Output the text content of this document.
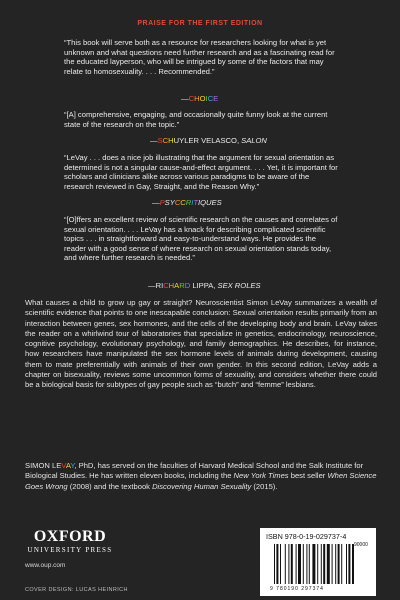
PRAISE FOR THE FIRST EDITION
“This book will serve both as a resource for researchers looking for what is yet unknown and what questions need further research and as a fascinating read for the educated layperson, who will be intrigued by some of the factors that may relate to homosexuality. . . . Recommended.”
—CHOICE
“[A] comprehensive, engaging, and occasionally quite funny look at the current state of the research on the topic.”
—SCHUYLER VELASCO, SALON
“LeVay . . . does a nice job illustrating that the argument for sexual orientation as determined is not a singular cause-and-effect argument. . . . Yet, it is important for scholars and clinicians alike across various paradigms to be aware of the research reviewed in Gay, Straight, and the Reason Why.”
—PSYCCRITIQUES
“[O]ffers an excellent review of scientific research on the causes and correlates of sexual orientation. . . . LeVay has a knack for describing complicated scientific topics . . . in straightforward and easy-to-understand ways. He provides the reader with a good sense of where research on sexual orientation stands today, and where further research is needed.”
—RICHARD LIPPA, SEX ROLES
What causes a child to grow up gay or straight? Neuroscientist Simon LeVay summarizes a wealth of scientific evidence that points to one inescapable conclusion: Sexual orientation results primarily from an interaction between genes, sex hormones, and the cells of the developing body and brain. LeVay takes the reader on a whirlwind tour of laboratories that specialize in genetics, endocrinology, neuroscience, cognitive psychology, evolutionary psychology, and family demographics. He describes, for instance, how researchers have manipulated the sex hormone levels of animals during development, causing them to mate preferentially with animals of their own gender. In this second edition, LeVay adds a chapter on bisexuality, reviews some uncommon forms of sexuality, and considers whether there could be a biological basis for subtypes of gay people such as “butch” and “femme” lesbians.
SIMON LEVAY, PhD, has served on the faculties of Harvard Medical School and the Salk Institute for Biological Studies. He has written eleven books, including the New York Times best seller When Science Goes Wrong (2008) and the textbook Discovering Human Sexuality (2015).
OXFORD
UNIVERSITY PRESS
www.oup.com
COVER DESIGN: LUCAS HEINRICH
ISBN 978-0-19-029737-4
90000
9 780190 297374
